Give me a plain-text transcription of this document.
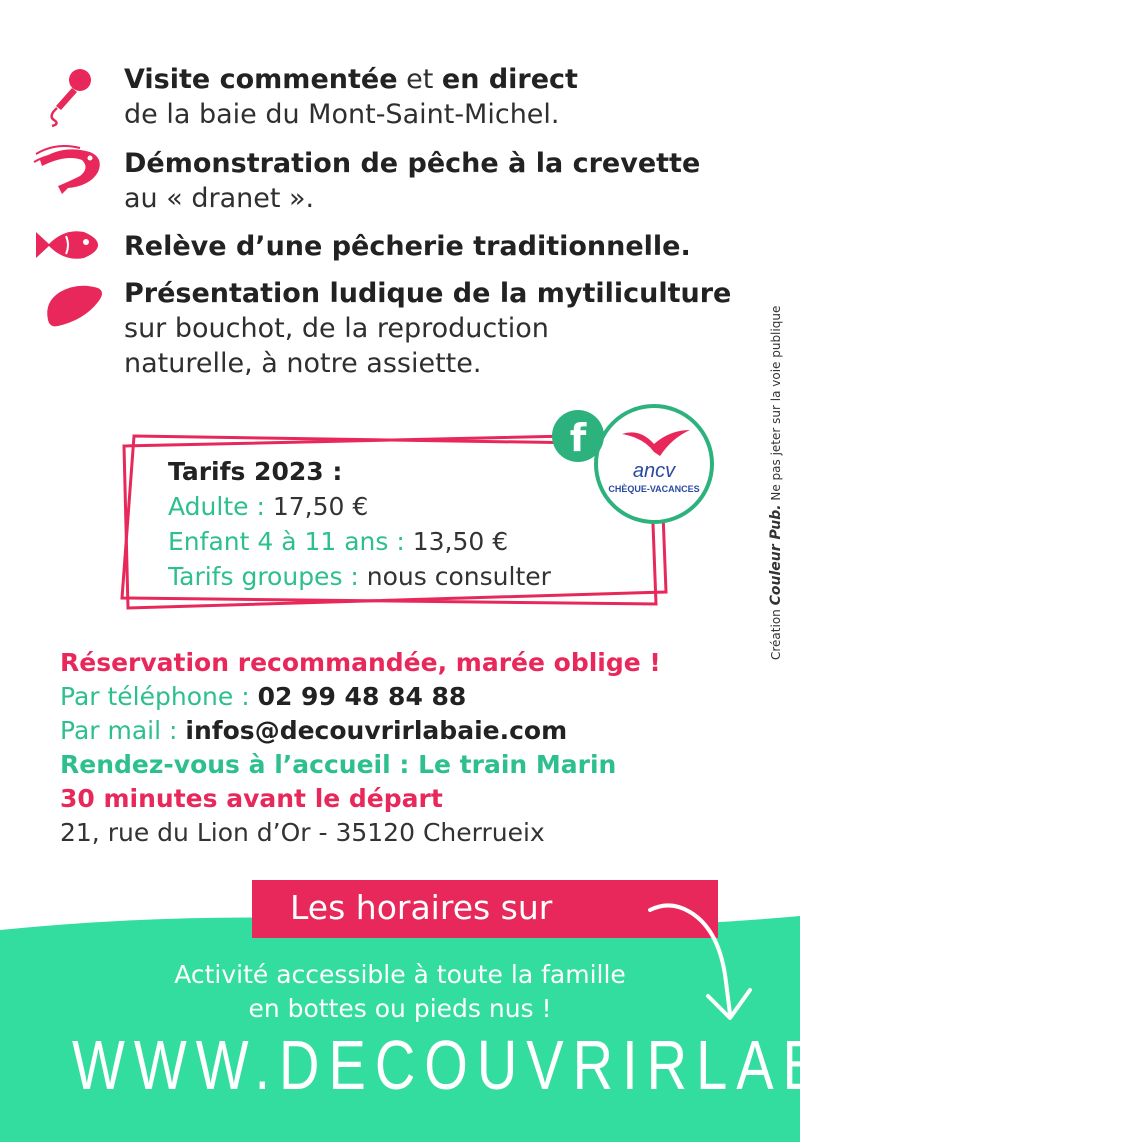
Visite commentée et en direct
de la baie du Mont-Saint-Michel.
Démonstration de pêche à la crevette
au « dranet ».
Relève d’une pêcherie traditionnelle.
Présentation ludique de la mytiliculture
sur bouchot, de la reproduction
naturelle, à notre assiette.
Tarifs 2023 :
Adulte : 17,50 €
Enfant 4 à 11 ans : 13,50 €
Tarifs groupes : nous consulter
ancv
CHÈQUE-VACANCES
f
Réservation recommandée, marée oblige !
Par téléphone : 02 99 48 84 88
Par mail : infos@decouvrirlabaie.com
Rendez-vous à l’accueil : Le train Marin
30 minutes avant le départ
21, rue du Lion d’Or - 35120 Cherrueix
Création Couleur Pub. Ne pas jeter sur la voie publique
Les horaires sur
Activité accessible à toute la famille
en bottes ou pieds nus !
WWW.DECOUVRIRLABAIE.COM
